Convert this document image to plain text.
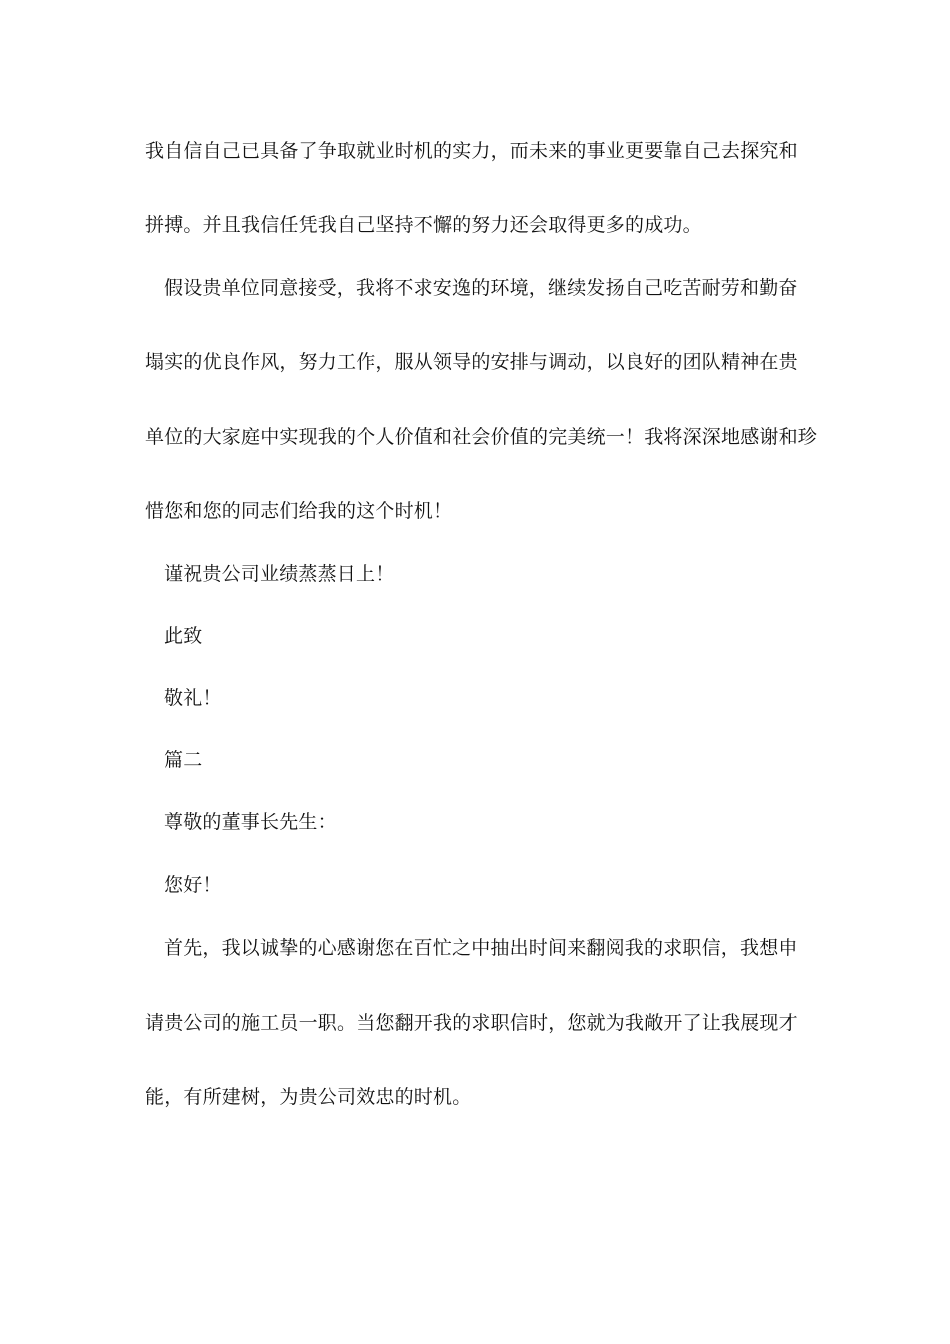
我自信自己已具备了争取就业时机的实力，而未来的事业更要靠自己去探究和
拼搏。并且我信任凭我自己坚持不懈的努力还会取得更多的成功。
假设贵单位同意接受，我将不求安逸的环境，继续发扬自己吃苦耐劳和勤奋
塌实的优良作风，努力工作，服从领导的安排与调动，以良好的团队精神在贵
单位的大家庭中实现我的个人价值和社会价值的完美统一！我将深深地感谢和珍
惜您和您的同志们给我的这个时机！
谨祝贵公司业绩蒸蒸日上！
此致
敬礼！
篇二
尊敬的董事长先生：
您好！
首先，我以诚挚的心感谢您在百忙之中抽出时间来翻阅我的求职信，我想申
请贵公司的施工员一职。当您翻开我的求职信时，您就为我敞开了让我展现才
能，有所建树，为贵公司效忠的时机。
